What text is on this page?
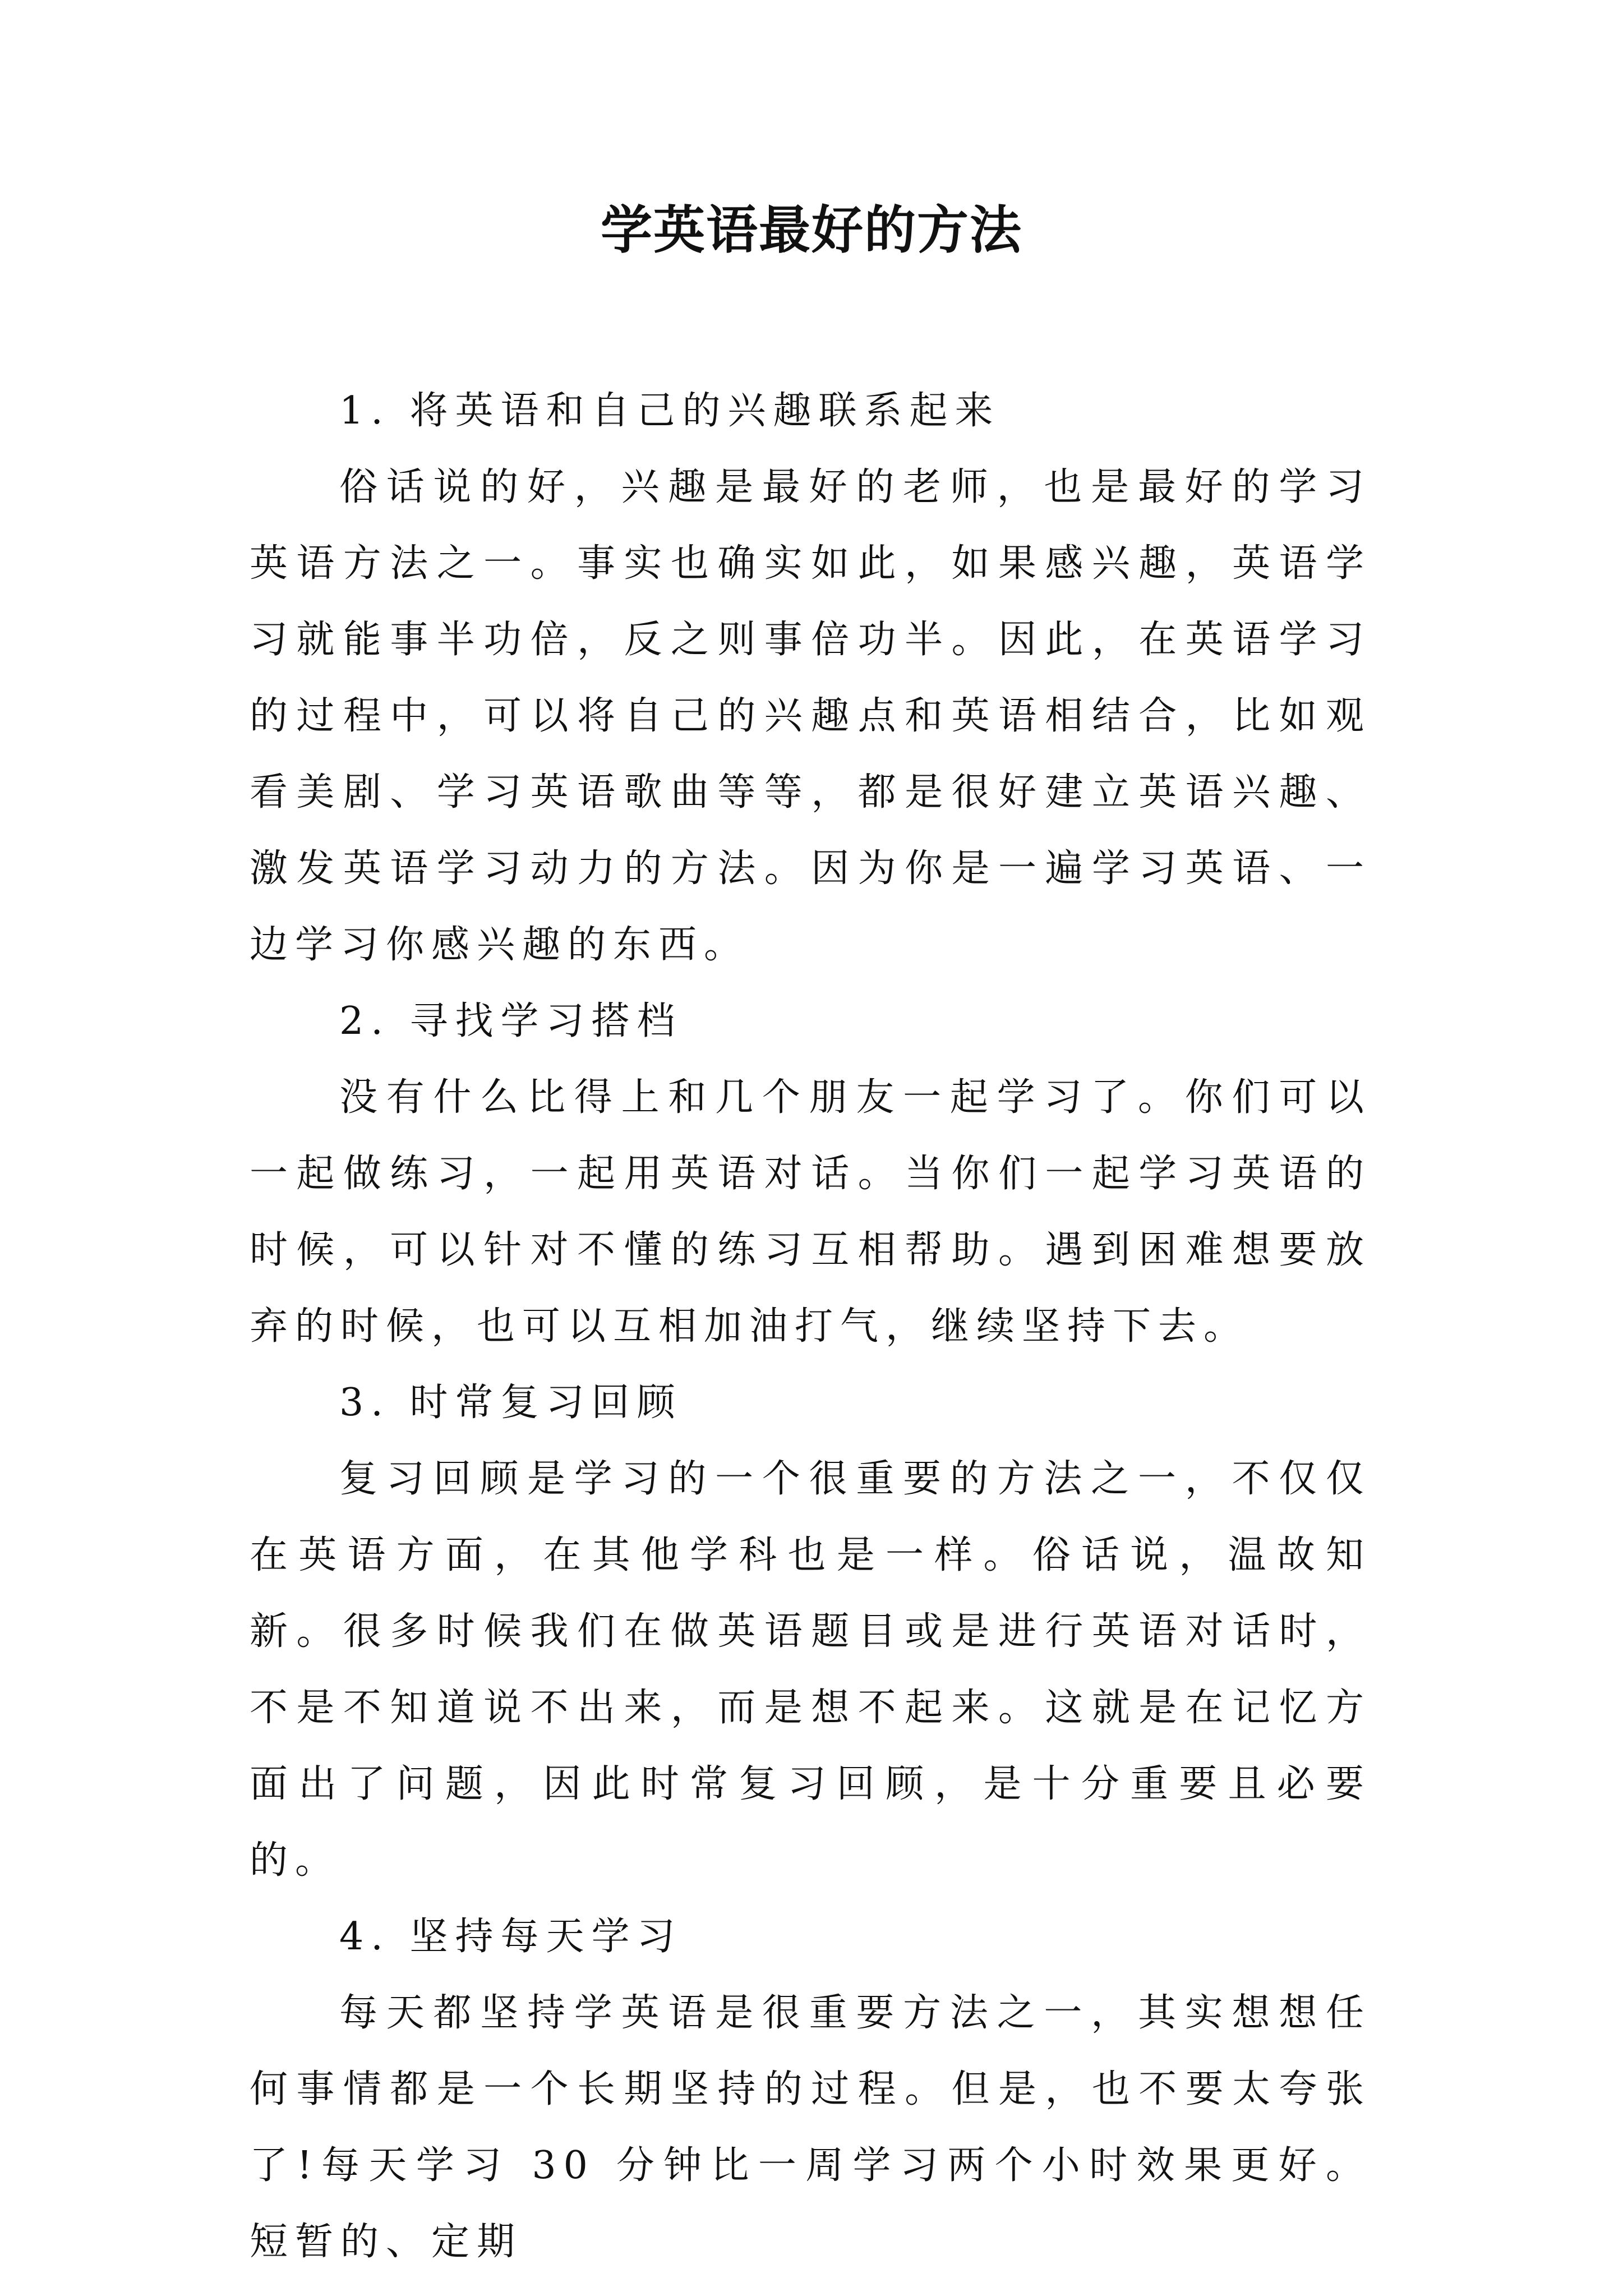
学英语最好的方法

1. 将英语和自己的兴趣联系起来

俗话说的好，兴趣是最好的老师，也是最好的学习英语方法之一。事实也确实如此，如果感兴趣，英语学习就能事半功倍，反之则事倍功半。因此，在英语学习的过程中，可以将自己的兴趣点和英语相结合，比如观看美剧、学习英语歌曲等等，都是很好建立英语兴趣、激发英语学习动力的方法。因为你是一遍学习英语、一边学习你感兴趣的东西。

2. 寻找学习搭档

没有什么比得上和几个朋友一起学习了。你们可以一起做练习，一起用英语对话。当你们一起学习英语的时候，可以针对不懂的练习互相帮助。遇到困难想要放弃的时候，也可以互相加油打气，继续坚持下去。

3. 时常复习回顾

复习回顾是学习的一个很重要的方法之一，不仅仅在英语方面，在其他学科也是一样。俗话说，温故知新。很多时候我们在做英语题目或是进行英语对话时，不是不知道说不出来，而是想不起来。这就是在记忆方面出了问题，因此时常复习回顾，是十分重要且必要的。

4. 坚持每天学习

每天都坚持学英语是很重要方法之一，其实想想任何事情都是一个长期坚持的过程。但是，也不要太夸张了!每天学习 30 分钟比一周学习两个小时效果更好。短暂的、定期
